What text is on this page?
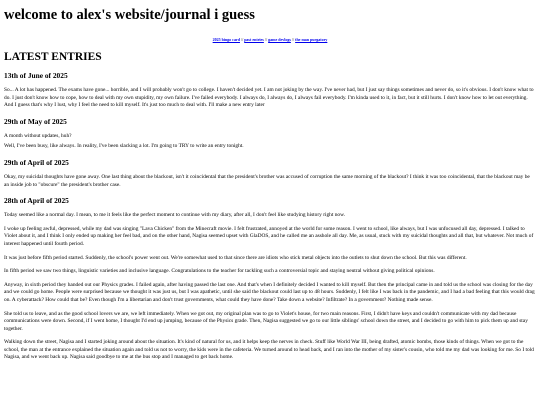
welcome to alex's website/journal i guess
2025 bingo card // past entries // game devlogs // the man purgatory
LATEST ENTRIES
13th of June of 2025

So... A lot has happened. The exams have gone... horrible, and I will probably won't go to college. I haven't decided yet. I am not joking by the way. I've never had, but I just say things sometimes and never do, so it's obvious. I don't know what to do. I just don't know how to cope, how to deal with my own stupidity, my own failure. I've failed everybody. I always do, I always do, I always fail everybody. I'm kinda used to it, in fact, but it still hurts. I don't know how to let out everything. And I guess that's why I lust, why I feel the need to kill myself. It's just too much to deal with. I'll make a new entry later

29th of May of 2025

A month without updates, huh?

Well, I've been busy, like always. In reality, I've been slacking a lot. I'm going to TRY to write an entry tonight.

29th of April of 2025

Okay, my suicidal thoughts have gone away. One last thing about the blackout, isn't it coincidental that the president's brother was accused of corruption the same morning of the blackout? I think it was too coincidental, that the blackout may be an inside job to "obscure" the president's brother case.

28th of April of 2025

Today seemed like a normal day. I mean, to me it feels like the perfect moment to continue with my diary, after all, I don't feel like studying history right now.

I woke up feeling awful, depressed, while my dad was singing "Lava Chicken" from the Minecraft movie. I felt frustrated, annoyed at the world for some reason. I went to school, like always, but I was unfocused all day, depressed. I talked to Violet about it, and I think I only ended up making her feel bad, and on the other hand, Nagisa seemed upset with GlaDOS, and he called me an asshole all day. Me, as usual, stuck with my suicidal thoughts and all that, but whatever. Not much of interest happened until fourth period.

It was just before fifth period started. Suddenly, the school's power went out. We're somewhat used to that since there are idiots who stick metal objects into the outlets to shut down the school. But this was different.

In fifth period we saw two things, linguistic varieties and inclusive language. Congratulations to the teacher for tackling such a controversial topic and staying neutral without giving political opinions.

Anyway, in sixth period they handed out our Physics grades. I failed again, after having passed the last one. And that's when I definitely decided I wanted to kill myself. But then the principal came in and told us the school was closing for the day and we could go home. People were surprised because we thought it was just us, but I was apathetic, until she said the blackout could last up to 48 hours. Suddenly, I felt like I was back in the pandemic, and I had a bad feeling that this would drag on. A cyberattack? How could that be? Even though I'm a libertarian and don't trust governments, what could they have done? Take down a website? Infiltrate? In a government? Nothing made sense.

She told us to leave, and as the good school lovers we are, we left immediately. When we got out, my original plan was to go to Violet's house, for two main reasons. First, I didn't have keys and couldn't communicate with my dad because communications were down. Second, if I went home, I thought I'd end up jumping, because of the Physics grade. Then, Nagisa suggested we go to our little siblings' school down the street, and I decided to go with him to pick them up and stay together.

Walking down the street, Nagisa and I started joking around about the situation. It's kind of natural for us, and it helps keep the nerves in check. Stuff like World War III, being drafted, atomic bombs, those kinds of things. When we got to the school, the man at the entrance explained the situation again and told us not to worry, the kids were in the cafeteria. We turned around to head back, and I ran into the mother of my sister's cousin, who told me my dad was looking for me. So I told Nagisa, and we went back up. Nagisa said goodbye to me at the bus stop and I managed to get back home.
